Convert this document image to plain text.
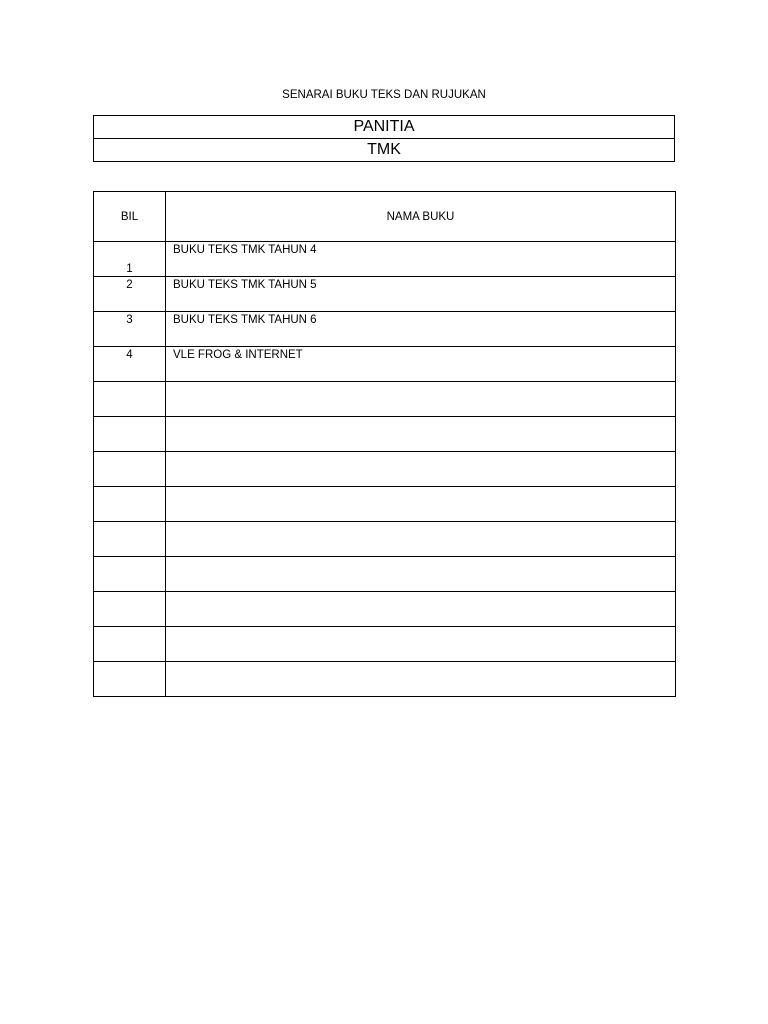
SENARAI BUKU TEKS DAN RUJUKAN
PANITIA
TMK
BIL	NAMA BUKU
1	BUKU TEKS TMK TAHUN 4
2	BUKU TEKS TMK TAHUN 5
3	BUKU TEKS TMK TAHUN 6
4	VLE FROG & INTERNET
